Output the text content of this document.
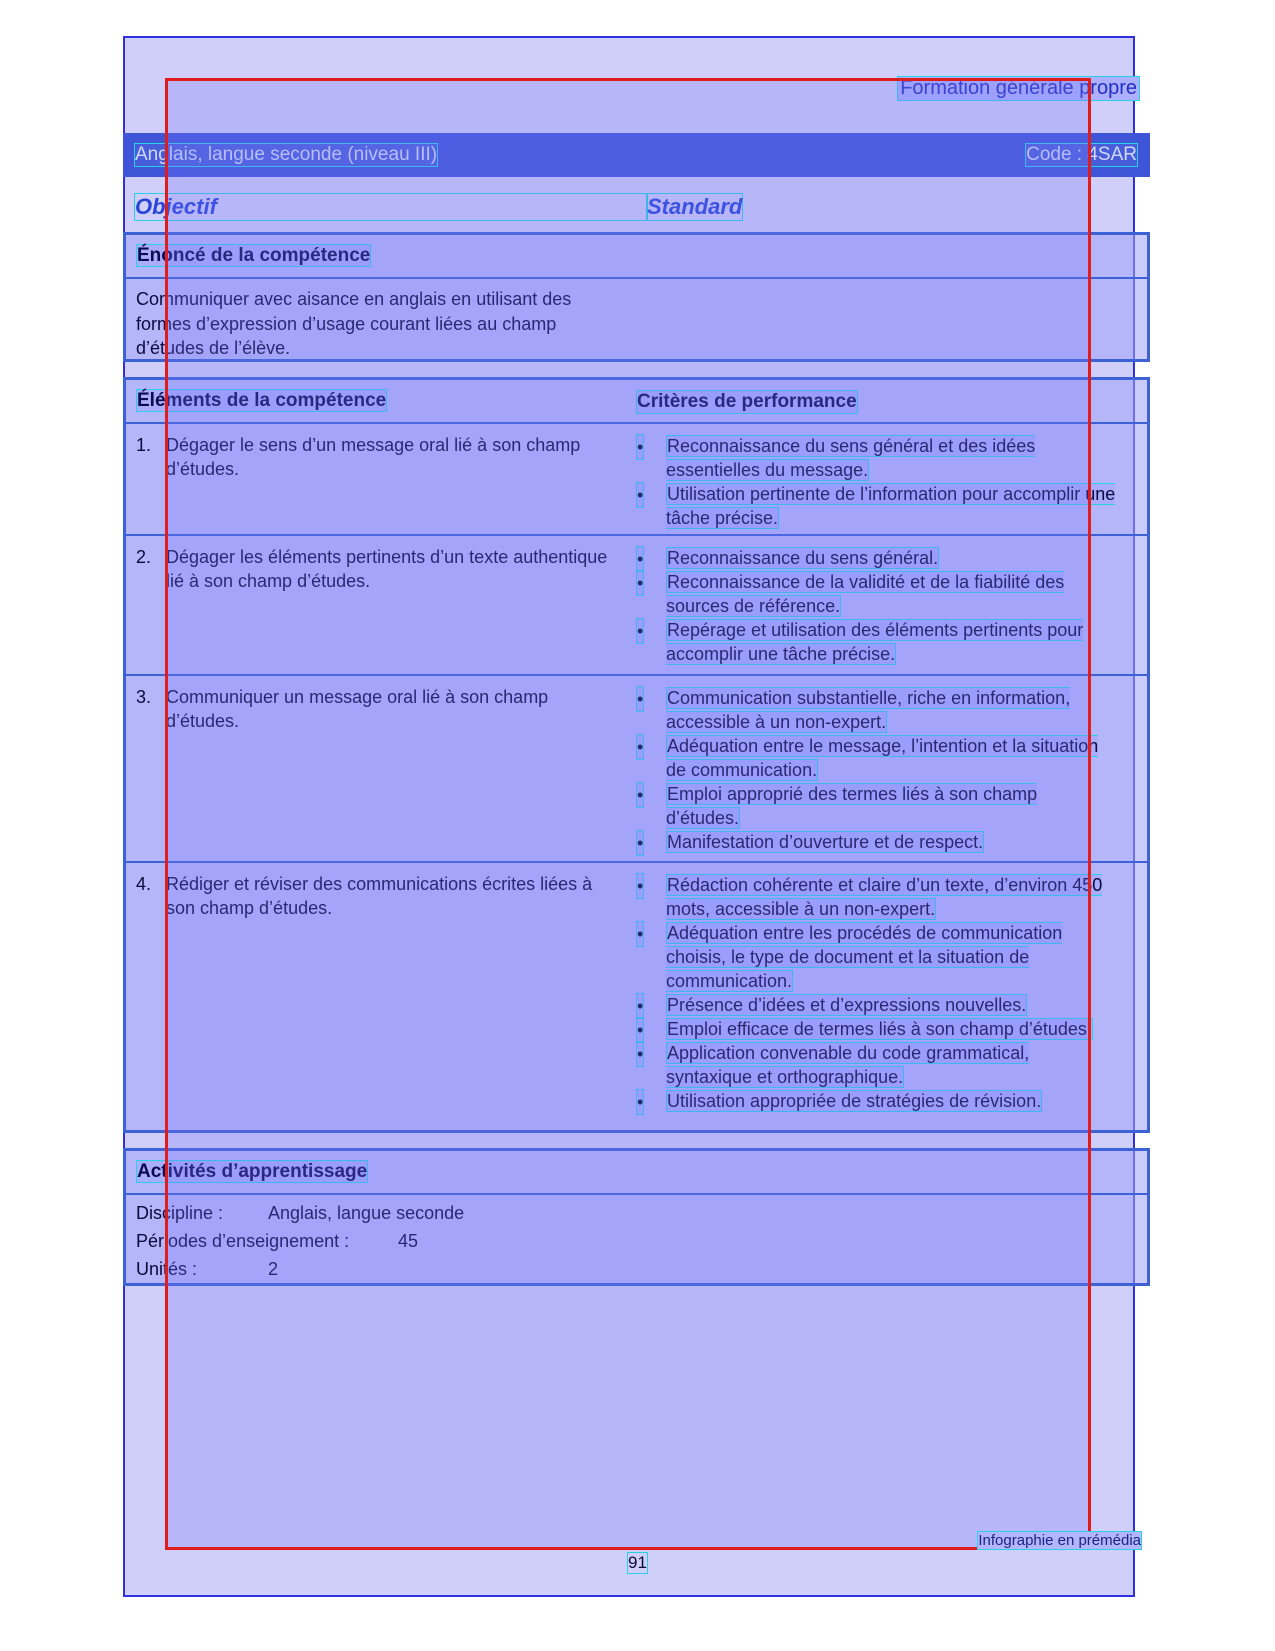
Formation générale propre
Anglais, langue seconde (niveau III)	Code : 4SAR
Objectif	Standard
Énoncé de la compétence
Communiquer avec aisance en anglais en utilisant des formes d’expression d’usage courant liées au champ d’études de l’élève.
Éléments de la compétence	Critères de performance
1. Dégager le sens d’un message oral lié à son champ d’études.
• Reconnaissance du sens général et des idées essentielles du message.
• Utilisation pertinente de l’information pour accomplir une tâche précise.
2. Dégager les éléments pertinents d’un texte authentique lié à son champ d’études.
• Reconnaissance du sens général.
• Reconnaissance de la validité et de la fiabilité des sources de référence.
• Repérage et utilisation des éléments pertinents pour accomplir une tâche précise.
3. Communiquer un message oral lié à son champ d’études.
• Communication substantielle, riche en information, accessible à un non-expert.
• Adéquation entre le message, l’intention et la situation de communication.
• Emploi approprié des termes liés à son champ d’études.
• Manifestation d’ouverture et de respect.
4. Rédiger et réviser des communications écrites liées à son champ d’études.
• Rédaction cohérente et claire d’un texte, d’environ 450 mots, accessible à un non-expert.
• Adéquation entre les procédés de communication choisis, le type de document et la situation de communication.
• Présence d’idées et d’expressions nouvelles.
• Emploi efficace de termes liés à son champ d’études.
• Application convenable du code grammatical, syntaxique et orthographique.
• Utilisation appropriée de stratégies de révision.
Activités d’apprentissage
Discipline : Anglais, langue seconde
Périodes d’enseignement :	45
Unités :	2
Infographie en prémédia
91
